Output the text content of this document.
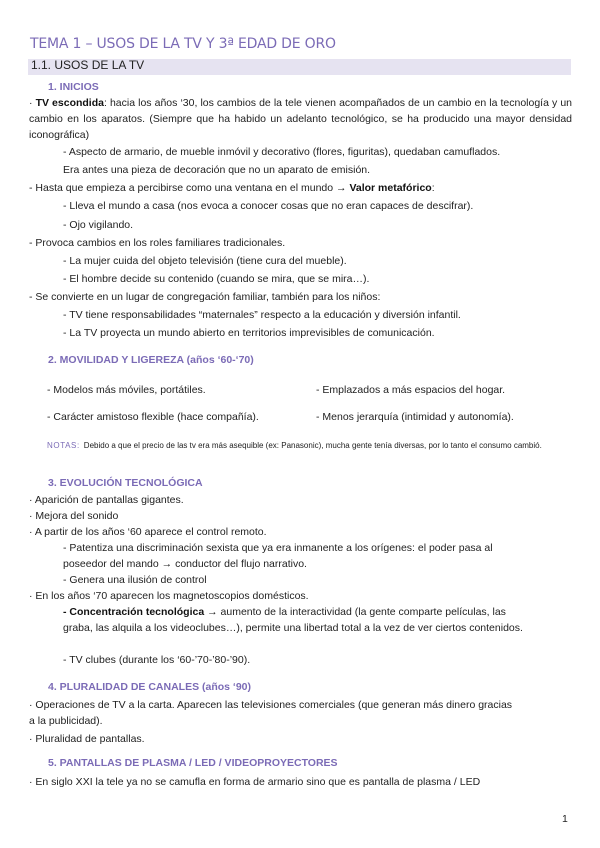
TEMA 1 – USOS DE LA TV Y 3ª EDAD DE ORO
1.1. USOS DE LA TV
1. INICIOS
· TV escondida: hacia los años ‘30, los cambios de la tele vienen acompañados de un cambio en la tecnología y un cambio en los aparatos. (Siempre que ha habido un adelanto tecnológico, se ha producido una mayor densidad iconográfica)
- Aspecto de armario, de mueble inmóvil y decorativo (flores, figuritas), quedaban camuflados.
Era antes una pieza de decoración que no un aparato de emisión.
- Hasta que empieza a percibirse como una ventana en el mundo → Valor metafórico:
- Lleva el mundo a casa (nos evoca a conocer cosas que no eran capaces de descifrar).
- Ojo vigilando.
- Provoca cambios en los roles familiares tradicionales.
- La mujer cuida del objeto televisión (tiene cura del mueble).
- El hombre decide su contenido (cuando se mira, que se mira…).
- Se convierte en un lugar de congregación familiar, también para los niños:
- TV tiene responsabilidades “maternales” respecto a la educación y diversión infantil.
- La TV proyecta un mundo abierto en territorios imprevisibles de comunicación.
2. MOVILIDAD Y LIGEREZA (años ‘60-‘70)
- Modelos más móviles, portátiles.	- Emplazados a más espacios del hogar.
- Carácter amistoso flexible (hace compañía).	- Menos jerarquía (intimidad y autonomía).
NOTAS: Debido a que el precio de las tv era más asequible (ex: Panasonic), mucha gente tenía diversas, por lo tanto el consumo cambió.
3. EVOLUCIÓN TECNOLÓGICA
· Aparición de pantallas gigantes.
· Mejora del sonido
· A partir de los años ‘60 aparece el control remoto.
- Patentiza una discriminación sexista que ya era inmanente a los orígenes: el poder pasa al poseedor del mando → conductor del flujo narrativo.
- Genera una ilusión de control
· En los años ‘70 aparecen los magnetoscopios domésticos.
- Concentración tecnológica → aumento de la interactividad (la gente comparte películas, las graba, las alquila a los videoclubes…), permite una libertad total a la vez de ver ciertos contenidos.
- TV clubes (durante los ‘60-’70-’80-’90).
4. PLURALIDAD DE CANALES (años ‘90)
· Operaciones de TV a la carta. Aparecen las televisiones comerciales (que generan más dinero gracias a la publicidad).
· Pluralidad de pantallas.
5. PANTALLAS DE PLASMA / LED / VIDEOPROYECTORES
· En siglo XXI la tele ya no se camufla en forma de armario sino que es pantalla de plasma / LED
1
